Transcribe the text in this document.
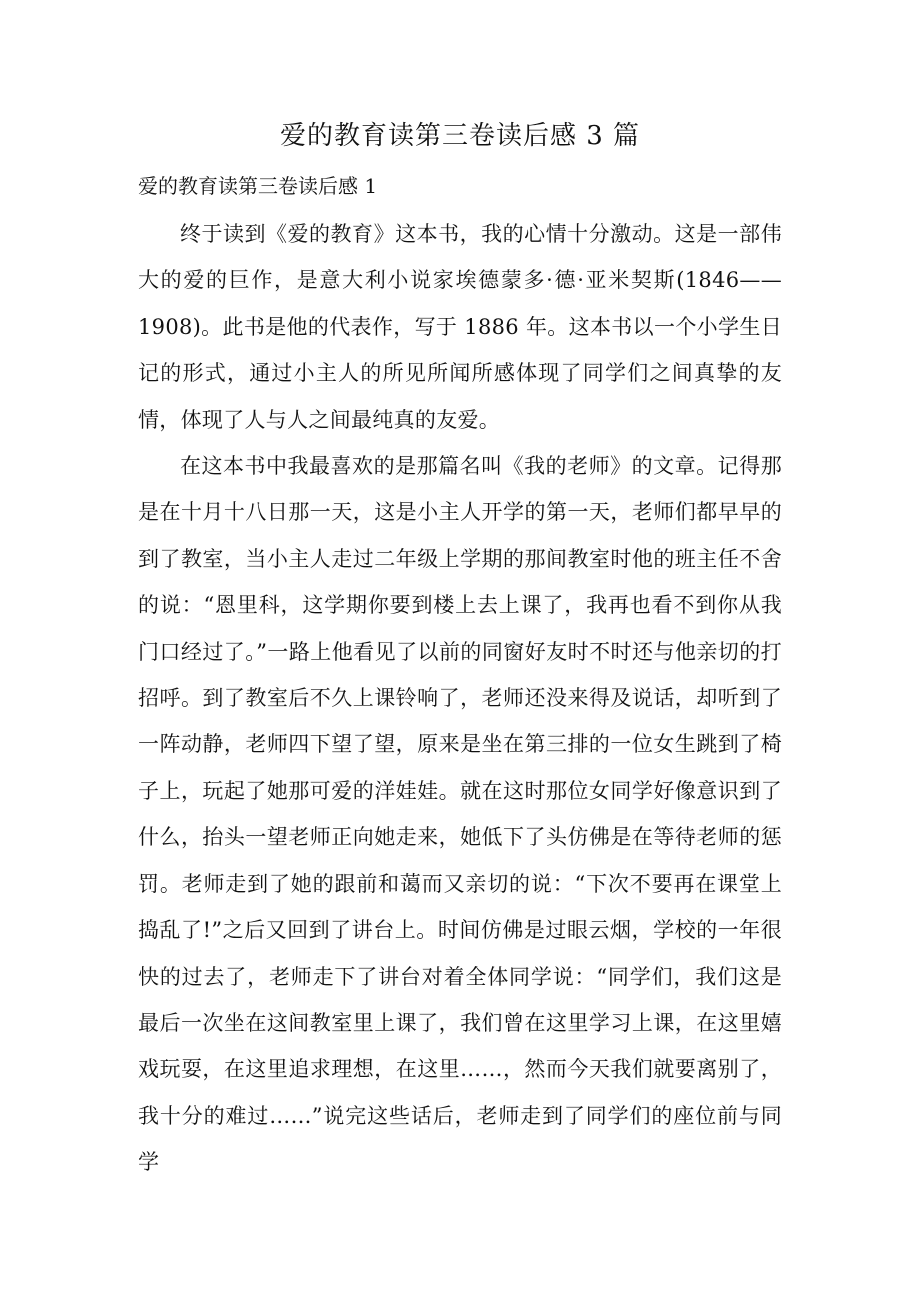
爱的教育读第三卷读后感 3 篇
爱的教育读第三卷读后感 1

终于读到《爱的教育》这本书，我的心情十分激动。这是一部伟大的爱的巨作，是意大利小说家埃德蒙多·德·亚米契斯(1846——1908)。此书是他的代表作，写于 1886 年。这本书以一个小学生日记的形式，通过小主人的所见所闻所感体现了同学们之间真挚的友情，体现了人与人之间最纯真的友爱。

在这本书中我最喜欢的是那篇名叫《我的老师》的文章。记得那是在十月十八日那一天，这是小主人开学的第一天，老师们都早早的到了教室，当小主人走过二年级上学期的那间教室时他的班主任不舍的说：“恩里科，这学期你要到楼上去上课了，我再也看不到你从我门口经过了。”一路上他看见了以前的同窗好友时不时还与他亲切的打招呼。到了教室后不久上课铃响了，老师还没来得及说话，却听到了一阵动静，老师四下望了望，原来是坐在第三排的一位女生跳到了椅子上，玩起了她那可爱的洋娃娃。就在这时那位女同学好像意识到了什么，抬头一望老师正向她走来，她低下了头仿佛是在等待老师的惩罚。老师走到了她的跟前和蔼而又亲切的说：“下次不要再在课堂上捣乱了!”之后又回到了讲台上。时间仿佛是过眼云烟，学校的一年很快的过去了，老师走下了讲台对着全体同学说：“同学们，我们这是最后一次坐在这间教室里上课了，我们曾在这里学习上课，在这里嬉戏玩耍，在这里追求理想，在这里……，然而今天我们就要离别了，我十分的难过……”说完这些话后，老师走到了同学们的座位前与同学
